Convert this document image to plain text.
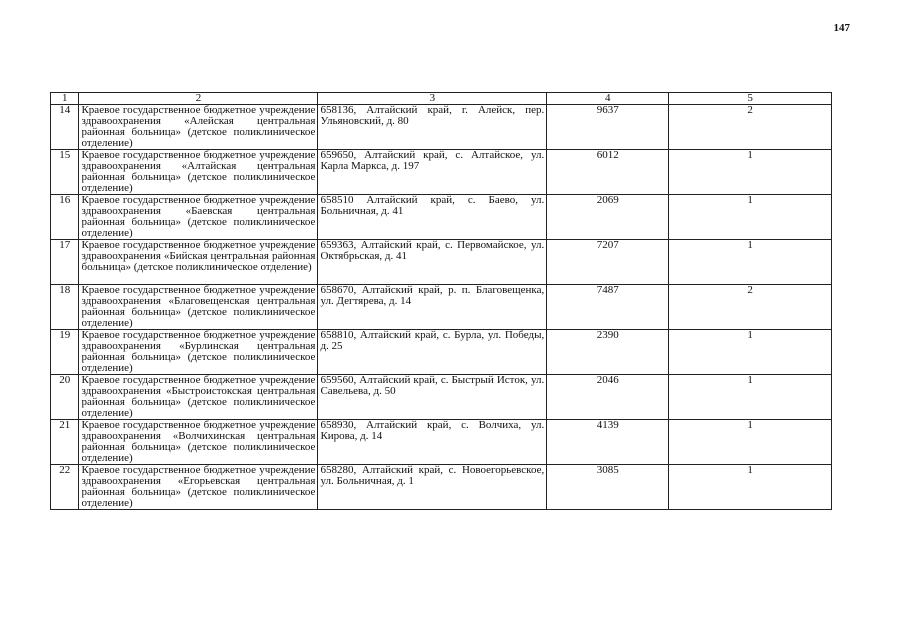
147
1	2	3	4	5
14	Краевое государственное бюджетное учреждение здравоохранения «Алейская центральная районная больница» (детское поликлиническое отделение)	658136, Алтайский край, г. Алейск, пер. Ульяновский, д. 80	9637	2
15	Краевое государственное бюджетное учреждение здравоохранения «Алтайская центральная районная больница» (детское поликлиническое отделение)	659650, Алтайский край, с. Алтайское, ул. Карла Маркса, д. 197	6012	1
16	Краевое государственное бюджетное учреждение здравоохранения «Баевская центральная районная больница» (детское поликлиническое отделение)	658510 Алтайский край, с. Баево, ул. Больничная, д. 41	2069	1
17	Краевое государственное бюджетное учреждение здравоохранения «Бийская центральная районная больница» (детское поликлиническое отделение)	659363, Алтайский край, с. Первомайское, ул. Октябрьская, д. 41	7207	1
18	Краевое государственное бюджетное учреждение здравоохранения «Благовещенская центральная районная больница» (детское поликлиническое отделение)	658670, Алтайский край, р. п. Благовещенка, ул. Дегтярева, д. 14	7487	2
19	Краевое государственное бюджетное учреждение здравоохранения «Бурлинская центральная районная больница» (детское поликлиническое отделение)	658810, Алтайский край, с. Бурла, ул. Победы, д. 25	2390	1
20	Краевое государственное бюджетное учреждение здравоохранения «Быстроистокская центральная районная больница» (детское поликлиническое отделение)	659560, Алтайский край, с. Быстрый Исток, ул. Савельева, д. 50	2046	1
21	Краевое государственное бюджетное учреждение здравоохранения «Волчихинская центральная районная больница» (детское поликлиническое отделение)	658930, Алтайский край, с. Волчиха, ул. Кирова, д. 14	4139	1
22	Краевое государственное бюджетное учреждение здравоохранения «Егорьевская центральная районная больница» (детское поликлиническое отделение)	658280, Алтайский край, с. Новоегорьевское, ул. Больничная, д. 1	3085	1
